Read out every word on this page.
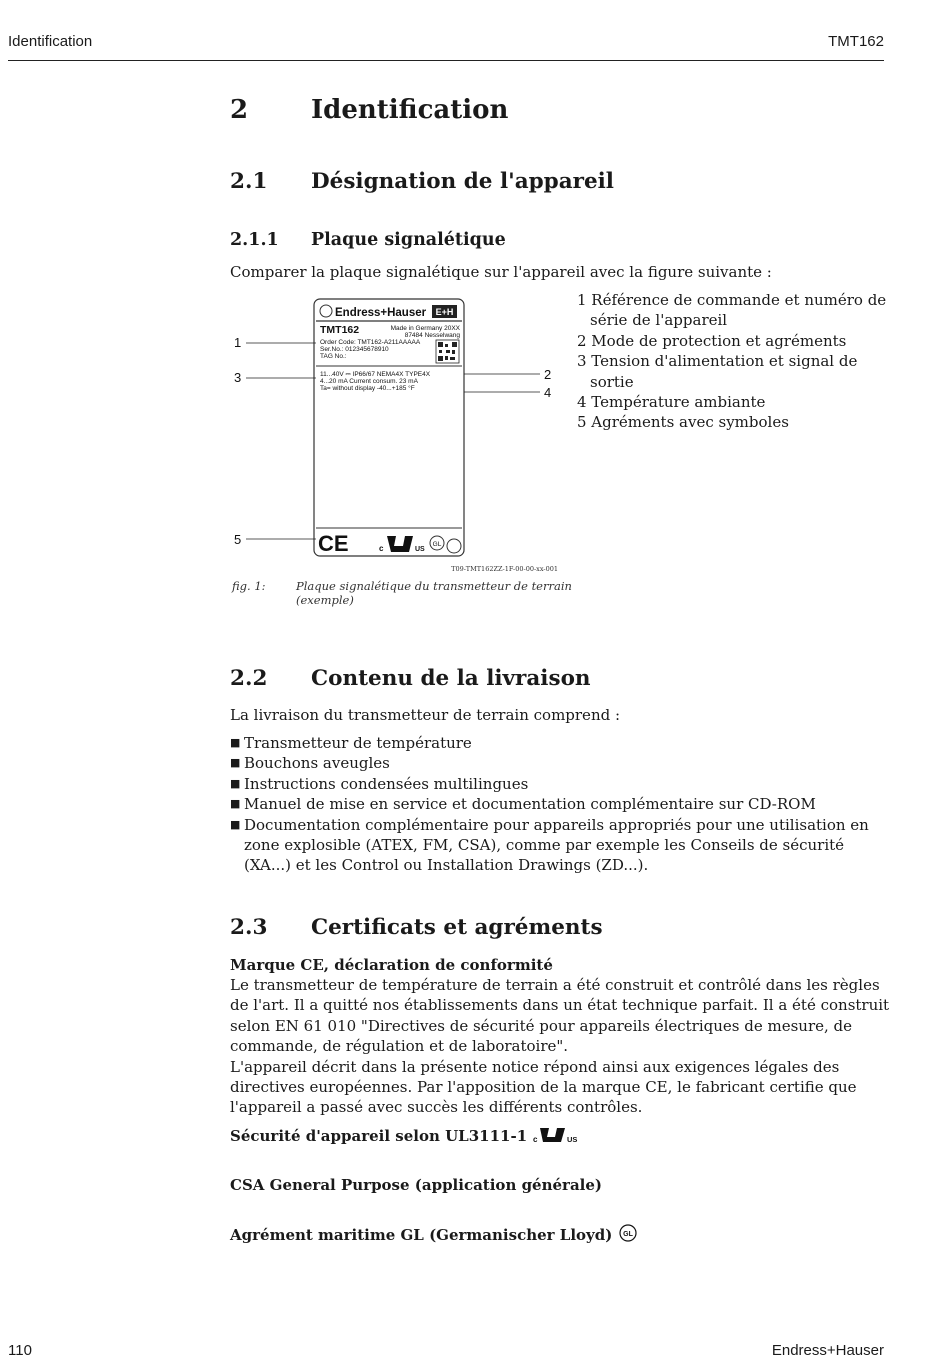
Identification	TMT162
2 Identification
2.1 Désignation de l'appareil
2.1.1 Plaque signalétique
Comparer la plaque signalétique sur l'appareil avec la figure suivante :
Endress+Hauser E+H
TMT162	Made in Germany 20XX
87484 Nesselwang
Order Code: TMT162-A211AAAAA
Ser.No.: 012345678910
TAG No.:
11...40V ⎓ IP66/67 NEMA4X TYPE4X
4...20 mA Current consum. 23 mA
Ta= without display -40...+185 °F
CE	c	US
GL
1
3	2
4
5
T09-TMT162ZZ-1F-00-00-xx-001
fig. 1:	Plaque signalétique du transmetteur de terrain
(exemple)
1 Référence de commande et numéro de série de l'appareil
2 Mode de protection et agréments
3 Tension d'alimentation et signal de sortie
4 Température ambiante
5 Agréments avec symboles
2.2 Contenu de la livraison
La livraison du transmetteur de terrain comprend :
■ Transmetteur de température
■ Bouchons aveugles
■ Instructions condensées multilingues
■ Manuel de mise en service et documentation complémentaire sur CD-ROM
■ Documentation complémentaire pour appareils appropriés pour une utilisation en zone explosible (ATEX, FM, CSA), comme par exemple les Conseils de sécurité (XA...) et les Control ou Installation Drawings (ZD...).
2.3 Certificats et agréments
Marque CE, déclaration de conformité
Le transmetteur de température de terrain a été construit et contrôlé dans les règles de l'art. Il a quitté nos établissements dans un état technique parfait. Il a été construit selon EN 61 010 "Directives de sécurité pour appareils électriques de mesure, de commande, de régulation et de laboratoire".
L'appareil décrit dans la présente notice répond ainsi aux exigences légales des directives européennes. Par l'apposition de la marque CE, le fabricant certifie que l'appareil a passé avec succès les différents contrôles.
Sécurité d'appareil selon UL3111-1 c	US
CSA General Purpose (application générale)
Agrément maritime GL (Germanischer Lloyd) GL
110	Endress+Hauser
